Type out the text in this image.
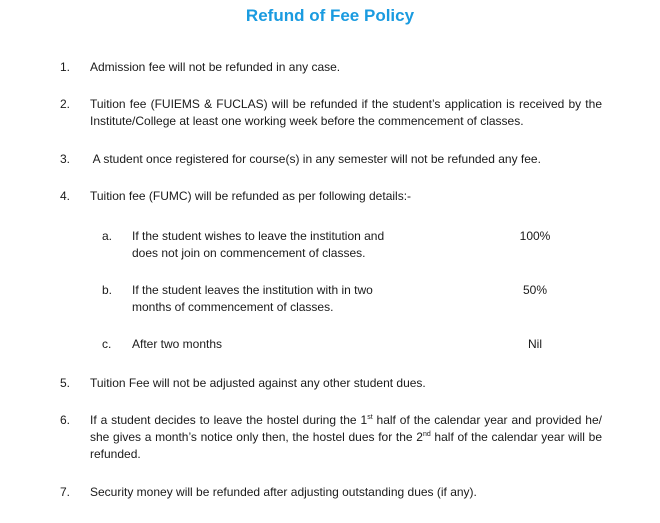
Refund of Fee Policy
1. Admission fee will not be refunded in any case.
2. Tuition fee (FUIEMS & FUCLAS) will be refunded if the student’s application is received by the Institute/College at least one working week before the commencement of classes.
3. A student once registered for course(s) in any semester will not be refunded any fee.
4. Tuition fee (FUMC) will be refunded as per following details:-
a. If the student wishes to leave the institution and
does not join on commencement of classes.
100%
b. If the student leaves the institution with in two
months of commencement of classes.
50%
c. After two months	Nil
5. Tuition Fee will not be adjusted against any other student dues.
6. If a student decides to leave the hostel during the 1st half of the calendar year and provided he/ she gives a month’s notice only then, the hostel dues for the 2nd half of the calendar year will be refunded.
7. Security money will be refunded after adjusting outstanding dues (if any).
